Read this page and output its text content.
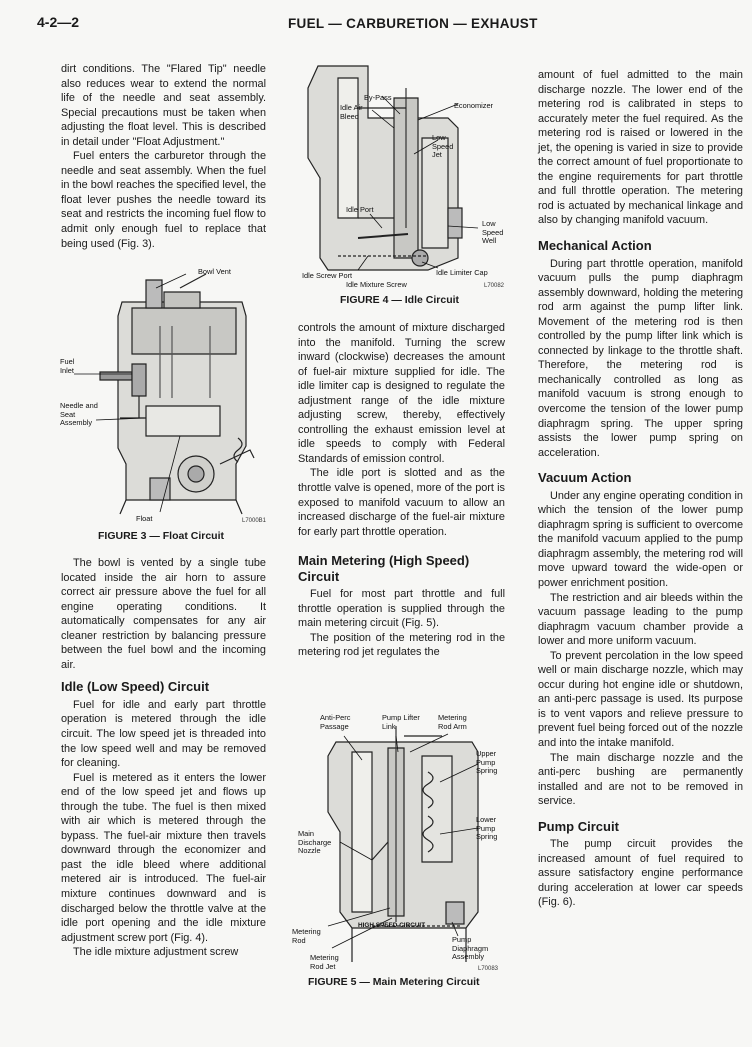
4-2—2	FUEL — CARBURETION — EXHAUST

dirt conditions. The "Flared Tip" needle also reduces wear to extend the normal life of the needle and seat assembly. Special precautions must be taken when adjusting the float level. This is described in detail under "Float Adjustment."

Fuel enters the carburetor through the needle and seat assembly. When the fuel in the bowl reaches the specified level, the float lever pushes the needle toward its seat and restricts the incoming fuel flow to admit only enough fuel to replace that being used (Fig. 3).

Bowl Vent
Fuel Inlet
Needle and Seat Assembly
Float	L7000B1
FIGURE 3 — Float Circuit

The bowl is vented by a single tube located inside the air horn to assure correct air pressure above the fuel for all engine operating conditions. It automatically compensates for any air cleaner restriction by balancing pressure between the fuel bowl and the incoming air.

Idle (Low Speed) Circuit

Fuel for idle and early part throttle operation is metered through the idle circuit. The low speed jet is threaded into the low speed well and may be removed for cleaning.

Fuel is metered as it enters the lower end of the low speed jet and flows up through the tube. The fuel is then mixed with air which is metered through the bypass. The fuel-air mixture then travels downward through the economizer and past the idle bleed where additional metered air is introduced. The fuel-air mixture continues downward and is discharged below the throttle valve at the idle port opening and the idle mixture adjustment screw port (Fig. 4).

The idle mixture adjustment screw

By-Pass
Idle Air Bleed
Economizer
Low Speed Jet
Idle Port
Low Speed Well
Idle Screw Port	Idle Limiter Cap
Idle Mixture Screw	L70082
FIGURE 4 — Idle Circuit

controls the amount of mixture discharged into the manifold. Turning the screw inward (clockwise) decreases the amount of fuel-air mixture supplied for idle. The idle limiter cap is designed to regulate the adjustment range of the idle mixture adjusting screw, thereby, effectively controlling the exhaust emission level at idle speeds to comply with Federal Standards of emission control.

The idle port is slotted and as the throttle valve is opened, more of the port is exposed to manifold vacuum to allow an increased discharge of the fuel-air mixture for early part throttle operation.

Main Metering (High Speed) Circuit

Fuel for most part throttle and full throttle operation is supplied through the main metering circuit (Fig. 5).

The position of the metering rod in the metering rod jet regulates the

Anti-Perc Passage
Pump Lifter Link
Metering Rod Arm
Upper Pump Spring
Lower Pump Spring
Main Discharge Nozzle
HIGH SPEED CIRCUIT
Metering Rod
Metering Rod Jet
Pump Diaphragm Assembly
L70083
FIGURE 5 — Main Metering Circuit

amount of fuel admitted to the main discharge nozzle. The lower end of the metering rod is calibrated in steps to accurately meter the fuel required. As the metering rod is raised or lowered in the jet, the opening is varied in size to provide the correct amount of fuel proportionate to the engine requirements for part throttle and full throttle operation. The metering rod is actuated by mechanical linkage and also by changing manifold vacuum.

Mechanical Action

During part throttle operation, manifold vacuum pulls the pump diaphragm assembly downward, holding the metering rod arm against the pump lifter link. Movement of the metering rod is then controlled by the pump lifter link which is connected by linkage to the throttle shaft. Therefore, the metering rod is mechanically controlled as long as manifold vacuum is strong enough to overcome the tension of the lower pump diaphragm spring. The upper spring assists the lower pump spring on acceleration.

Vacuum Action

Under any engine operating condition in which the tension of the lower pump diaphragm spring is sufficient to overcome the manifold vacuum applied to the pump diaphragm assembly, the metering rod will move upward toward the wide-open or power enrichment position.

The restriction and air bleeds within the vacuum passage leading to the pump diaphragm vacuum chamber provide a lower and more uniform vacuum.

To prevent percolation in the low speed well or main discharge nozzle, which may occur during hot engine idle or shutdown, an anti-perc passage is used. Its purpose is to vent vapors and relieve pressure to prevent fuel being forced out of the nozzle and into the intake manifold.

The main discharge nozzle and the anti-perc bushing are permanently installed and are not to be removed in service.

Pump Circuit

The pump circuit provides the increased amount of fuel required to assure satisfactory engine performance during acceleration at lower car speeds (Fig. 6).
